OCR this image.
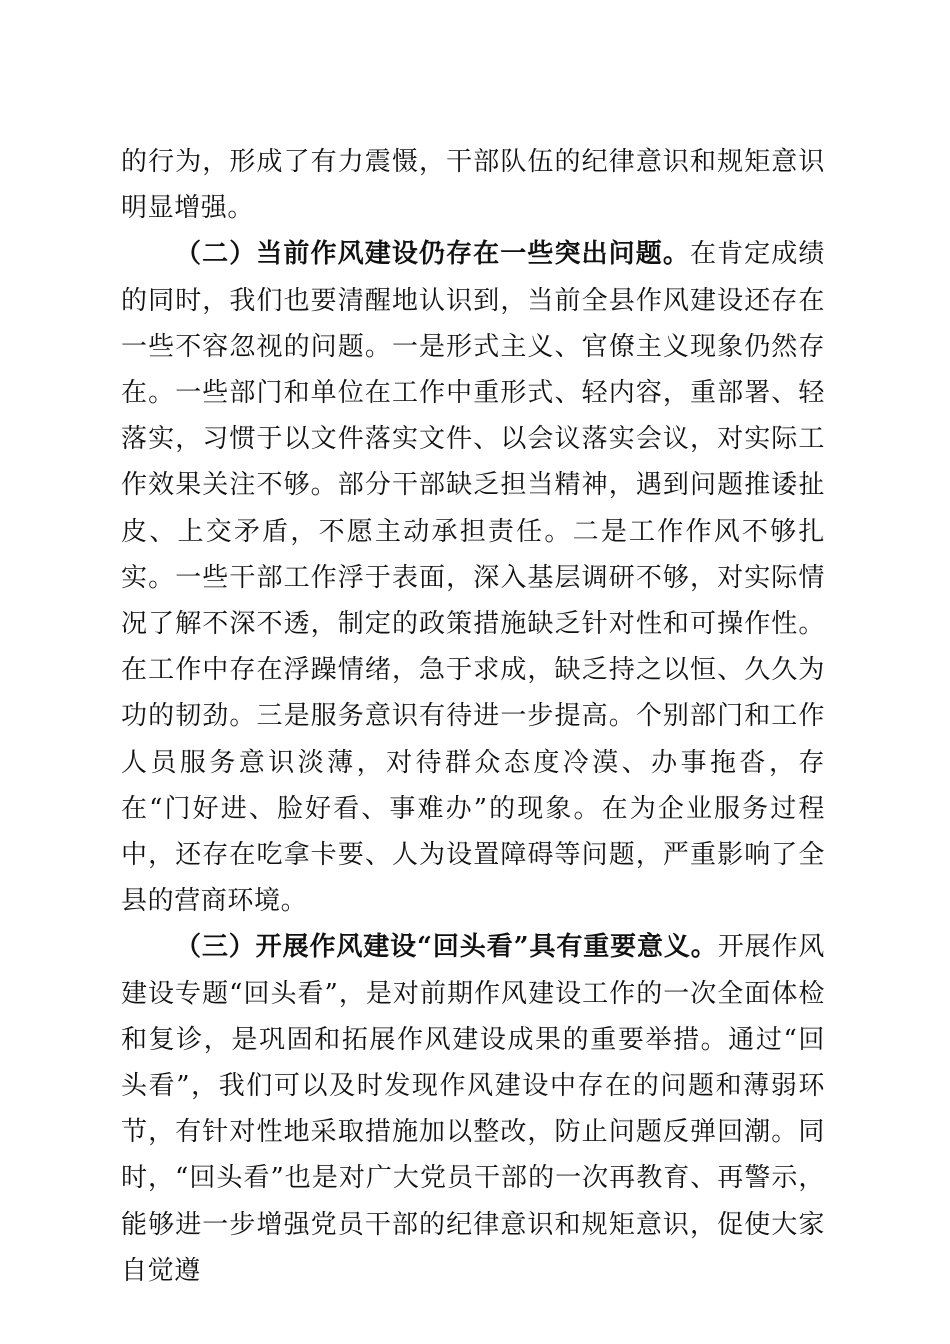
的行为，形成了有力震慑，干部队伍的纪律意识和规矩意识明显增强。

（二）当前作风建设仍存在一些突出问题。在肯定成绩的同时，我们也要清醒地认识到，当前全县作风建设还存在一些不容忽视的问题。一是形式主义、官僚主义现象仍然存在。一些部门和单位在工作中重形式、轻内容，重部署、轻落实，习惯于以文件落实文件、以会议落实会议，对实际工作效果关注不够。部分干部缺乏担当精神，遇到问题推诿扯皮、上交矛盾，不愿主动承担责任。二是工作作风不够扎实。一些干部工作浮于表面，深入基层调研不够，对实际情况了解不深不透，制定的政策措施缺乏针对性和可操作性。在工作中存在浮躁情绪，急于求成，缺乏持之以恒、久久为功的韧劲。三是服务意识有待进一步提高。个别部门和工作人员服务意识淡薄，对待群众态度冷漠、办事拖沓，存在“门好进、脸好看、事难办”的现象。在为企业服务过程中，还存在吃拿卡要、人为设置障碍等问题，严重影响了全县的营商环境。

（三）开展作风建设“回头看”具有重要意义。开展作风建设专题“回头看”，是对前期作风建设工作的一次全面体检和复诊，是巩固和拓展作风建设成果的重要举措。通过“回头看”，我们可以及时发现作风建设中存在的问题和薄弱环节，有针对性地采取措施加以整改，防止问题反弹回潮。同时，“回头看”也是对广大党员干部的一次再教育、再警示，能够进一步增强党员干部的纪律意识和规矩意识，促使大家自觉遵
